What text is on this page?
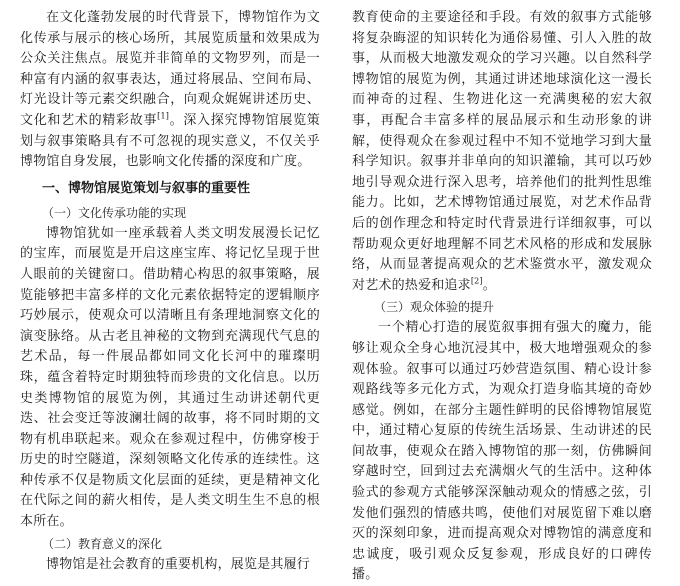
在文化蓬勃发展的时代背景下，博物馆作为文化传承与展示的核心场所，其展览质量和效果成为公众关注焦点。展览并非简单的文物罗列，而是一种富有内涵的叙事表达，通过将展品、空间布局、灯光设计等元素交织融合，向观众娓娓讲述历史、文化和艺术的精彩故事[1]。深入探究博物馆展览策划与叙事策略具有不可忽视的现实意义，不仅关乎博物馆自身发展，也影响文化传播的深度和广度。

一、博物馆展览策划与叙事的重要性
（一）文化传承功能的实现

博物馆犹如一座承载着人类文明发展漫长记忆的宝库，而展览是开启这座宝库、将记忆呈现于世人眼前的关键窗口。借助精心构思的叙事策略，展览能够把丰富多样的文化元素依据特定的逻辑顺序巧妙展示，使观众可以清晰且有条理地洞察文化的演变脉络。从古老且神秘的文物到充满现代气息的艺术品，每一件展品都如同文化长河中的璀璨明珠，蕴含着特定时期独特而珍贵的文化信息。以历史类博物馆的展览为例，其通过生动讲述朝代更迭、社会变迁等波澜壮阔的故事，将不同时期的文物有机串联起来。观众在参观过程中，仿佛穿梭于历史的时空隧道，深刻领略文化传承的连续性。这种传承不仅是物质文化层面的延续，更是精神文化在代际之间的薪火相传，是人类文明生生不息的根本所在。

（二）教育意义的深化

博物馆是社会教育的重要机构，展览是其履行

教育使命的主要途径和手段。有效的叙事方式能够将复杂晦涩的知识转化为通俗易懂、引人入胜的故事，从而极大地激发观众的学习兴趣。以自然科学博物馆的展览为例，其通过讲述地球演化这一漫长而神奇的过程、生物进化这一充满奥秘的宏大叙事，再配合丰富多样的展品展示和生动形象的讲解，使得观众在参观过程中不知不觉地学习到大量科学知识。叙事并非单向的知识灌输，其可以巧妙地引导观众进行深入思考，培养他们的批判性思维能力。比如，艺术博物馆通过展览，对艺术作品背后的创作理念和特定时代背景进行详细叙事，可以帮助观众更好地理解不同艺术风格的形成和发展脉络，从而显著提高观众的艺术鉴赏水平，激发观众对艺术的热爱和追求[2]。

（三）观众体验的提升

一个精心打造的展览叙事拥有强大的魔力，能够让观众全身心地沉浸其中，极大地增强观众的参观体验。叙事可以通过巧妙营造氛围、精心设计参观路线等多元化方式，为观众打造身临其境的奇妙感觉。例如，在部分主题性鲜明的民俗博物馆展览中，通过精心复原的传统生活场景、生动讲述的民间故事，使观众在踏入博物馆的那一刻，仿佛瞬间穿越时空，回到过去充满烟火气的生活中。这种体验式的参观方式能够深深触动观众的情感之弦，引发他们强烈的情感共鸣，使他们对展览留下难以磨灭的深刻印象，进而提高观众对博物馆的满意度和忠诚度，吸引观众反复参观，形成良好的口碑传播。
